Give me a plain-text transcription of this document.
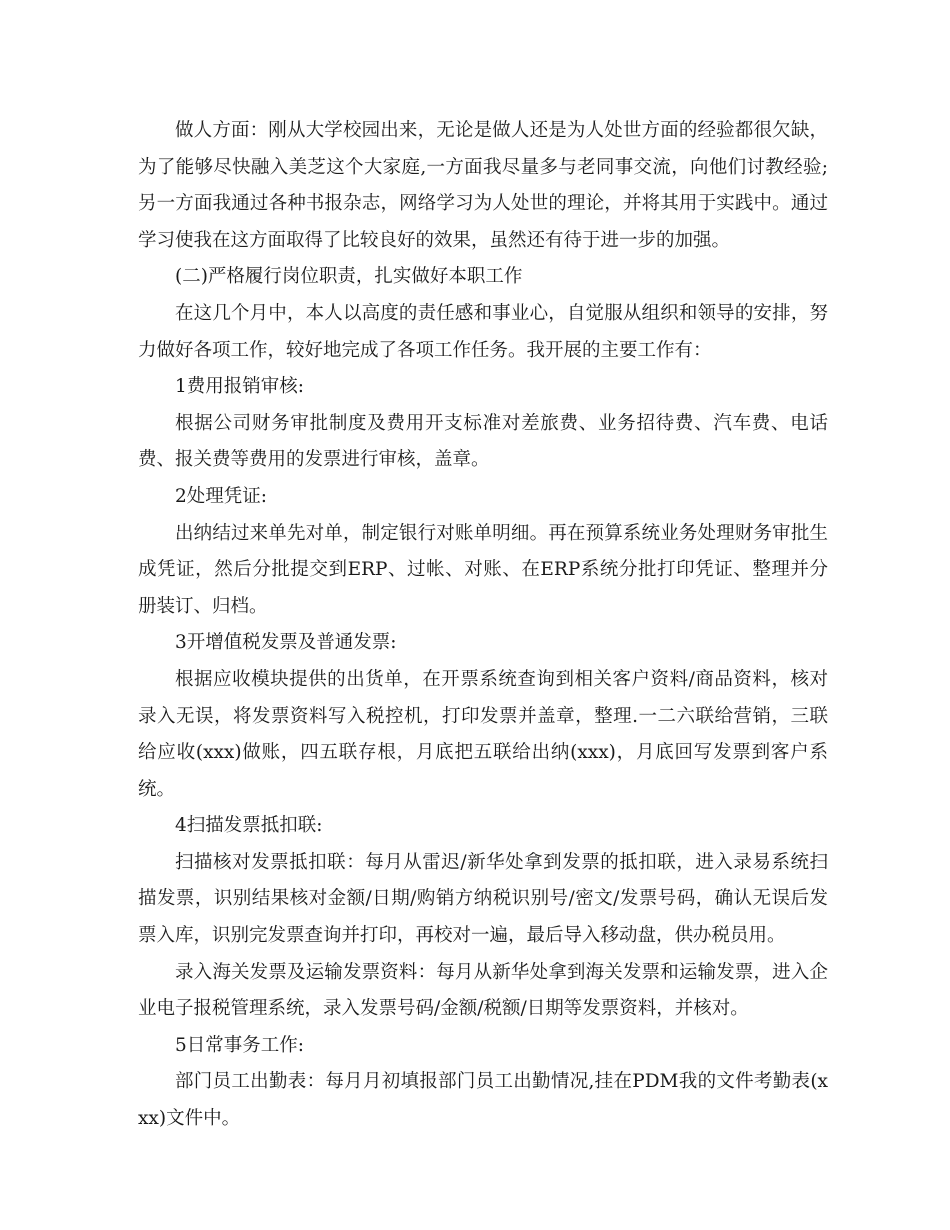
做人方面：刚从大学校园出来，无论是做人还是为人处世方面的经验都很欠缺，为了能够尽快融入美芝这个大家庭,一方面我尽量多与老同事交流，向他们讨教经验;另一方面我通过各种书报杂志，网络学习为人处世的理论，并将其用于实践中。通过学习使我在这方面取得了比较良好的效果，虽然还有待于进一步的加强。

(二)严格履行岗位职责，扎实做好本职工作

在这几个月中，本人以高度的责任感和事业心，自觉服从组织和领导的安排，努力做好各项工作，较好地完成了各项工作任务。我开展的主要工作有：

1费用报销审核:

根据公司财务审批制度及费用开支标准对差旅费、业务招待费、汽车费、电话费、报关费等费用的发票进行审核，盖章。

2处理凭证:

出纳结过来单先对单，制定银行对账单明细。再在预算系统业务处理财务审批生成凭证，然后分批提交到ERP、过帐、对账、在ERP系统分批打印凭证、整理并分册装订、归档。

3开增值税发票及普通发票:

根据应收模块提供的出货单，在开票系统查询到相关客户资料/商品资料，核对录入无误，将发票资料写入税控机，打印发票并盖章，整理.一二六联给营销，三联给应收(xxx)做账，四五联存根，月底把五联给出纳(xxx)，月底回写发票到客户系统。

4扫描发票抵扣联:

扫描核对发票抵扣联：每月从雷迟/新华处拿到发票的抵扣联，进入录易系统扫描发票，识别结果核对金额/日期/购销方纳税识别号/密文/发票号码，确认无误后发票入库，识别完发票查询并打印，再校对一遍，最后导入移动盘，供办税员用。

录入海关发票及运输发票资料：每月从新华处拿到海关发票和运输发票，进入企业电子报税管理系统，录入发票号码/金额/税额/日期等发票资料，并核对。

5日常事务工作:

部门员工出勤表：每月月初填报部门员工出勤情况,挂在PDM我的文件考勤表(xxx)文件中。
